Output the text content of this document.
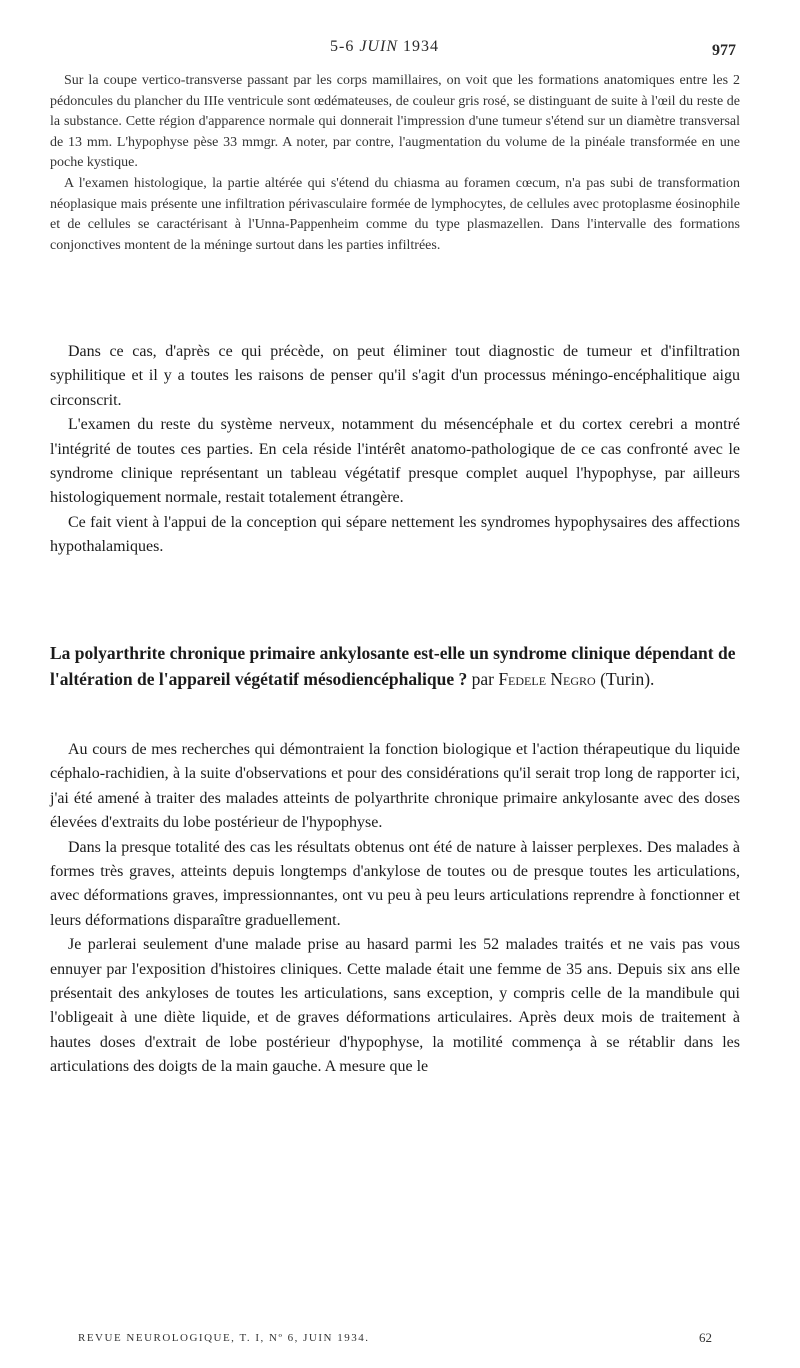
5-6 JUIN 1934	977

Sur la coupe vertico-transverse passant par les corps mamillaires, on voit que les formations anatomiques entre les 2 pédoncules du plancher du IIIe ventricule sont œdémateuses, de couleur gris rosé, se distinguant de suite à l'œil du reste de la substance. Cette région d'apparence normale qui donnerait l'impression d'une tumeur s'étend sur un diamètre transversal de 13 mm. L'hypophyse pèse 33 mmgr. A noter, par contre, l'augmentation du volume de la pinéale transformée en une poche kystique.

A l'examen histologique, la partie altérée qui s'étend du chiasma au foramen cœcum, n'a pas subi de transformation néoplasique mais présente une infiltration périvasculaire formée de lymphocytes, de cellules avec protoplasme éosinophile et de cellules se caractérisant à l'Unna-Pappenheim comme du type plasmazellen. Dans l'intervalle des formations conjonctives montent de la méninge surtout dans les parties infiltrées.

Dans ce cas, d'après ce qui précède, on peut éliminer tout diagnostic de tumeur et d'infiltration syphilitique et il y a toutes les raisons de penser qu'il s'agit d'un processus méningo-encéphalitique aigu circonscrit.

L'examen du reste du système nerveux, notamment du mésencéphale et du cortex cerebri a montré l'intégrité de toutes ces parties. En cela réside l'intérêt anatomo-pathologique de ce cas confronté avec le syndrome clinique représentant un tableau végétatif presque complet auquel l'hypophyse, par ailleurs histologiquement normale, restait totalement étrangère.

Ce fait vient à l'appui de la conception qui sépare nettement les syndromes hypophysaires des affections hypothalamiques.

La polyarthrite chronique primaire ankylosante est-elle un syndrome clinique dépendant de l'altération de l'appareil végétatif mésodiencéphalique ? par Fedele Negro (Turin).

Au cours de mes recherches qui démontraient la fonction biologique et l'action thérapeutique du liquide céphalo-rachidien, à la suite d'observations et pour des considérations qu'il serait trop long de rapporter ici, j'ai été amené à traiter des malades atteints de polyarthrite chronique primaire ankylosante avec des doses élevées d'extraits du lobe postérieur de l'hypophyse.

Dans la presque totalité des cas les résultats obtenus ont été de nature à laisser perplexes. Des malades à formes très graves, atteints depuis longtemps d'ankylose de toutes ou de presque toutes les articulations, avec déformations graves, impressionnantes, ont vu peu à peu leurs articulations reprendre à fonctionner et leurs déformations disparaître graduellement.

Je parlerai seulement d'une malade prise au hasard parmi les 52 malades traités et ne vais pas vous ennuyer par l'exposition d'histoires cliniques. Cette malade était une femme de 35 ans. Depuis six ans elle présentait des ankyloses de toutes les articulations, sans exception, y compris celle de la mandibule qui l'obligeait à une diète liquide, et de graves déformations articulaires. Après deux mois de traitement à hautes doses d'extrait de lobe postérieur d'hypophyse, la motilité commença à se rétablir dans les articulations des doigts de la main gauche. A mesure que le

REVUE NEUROLOGIQUE, T. I, Nº 6, JUIN 1934.	62
